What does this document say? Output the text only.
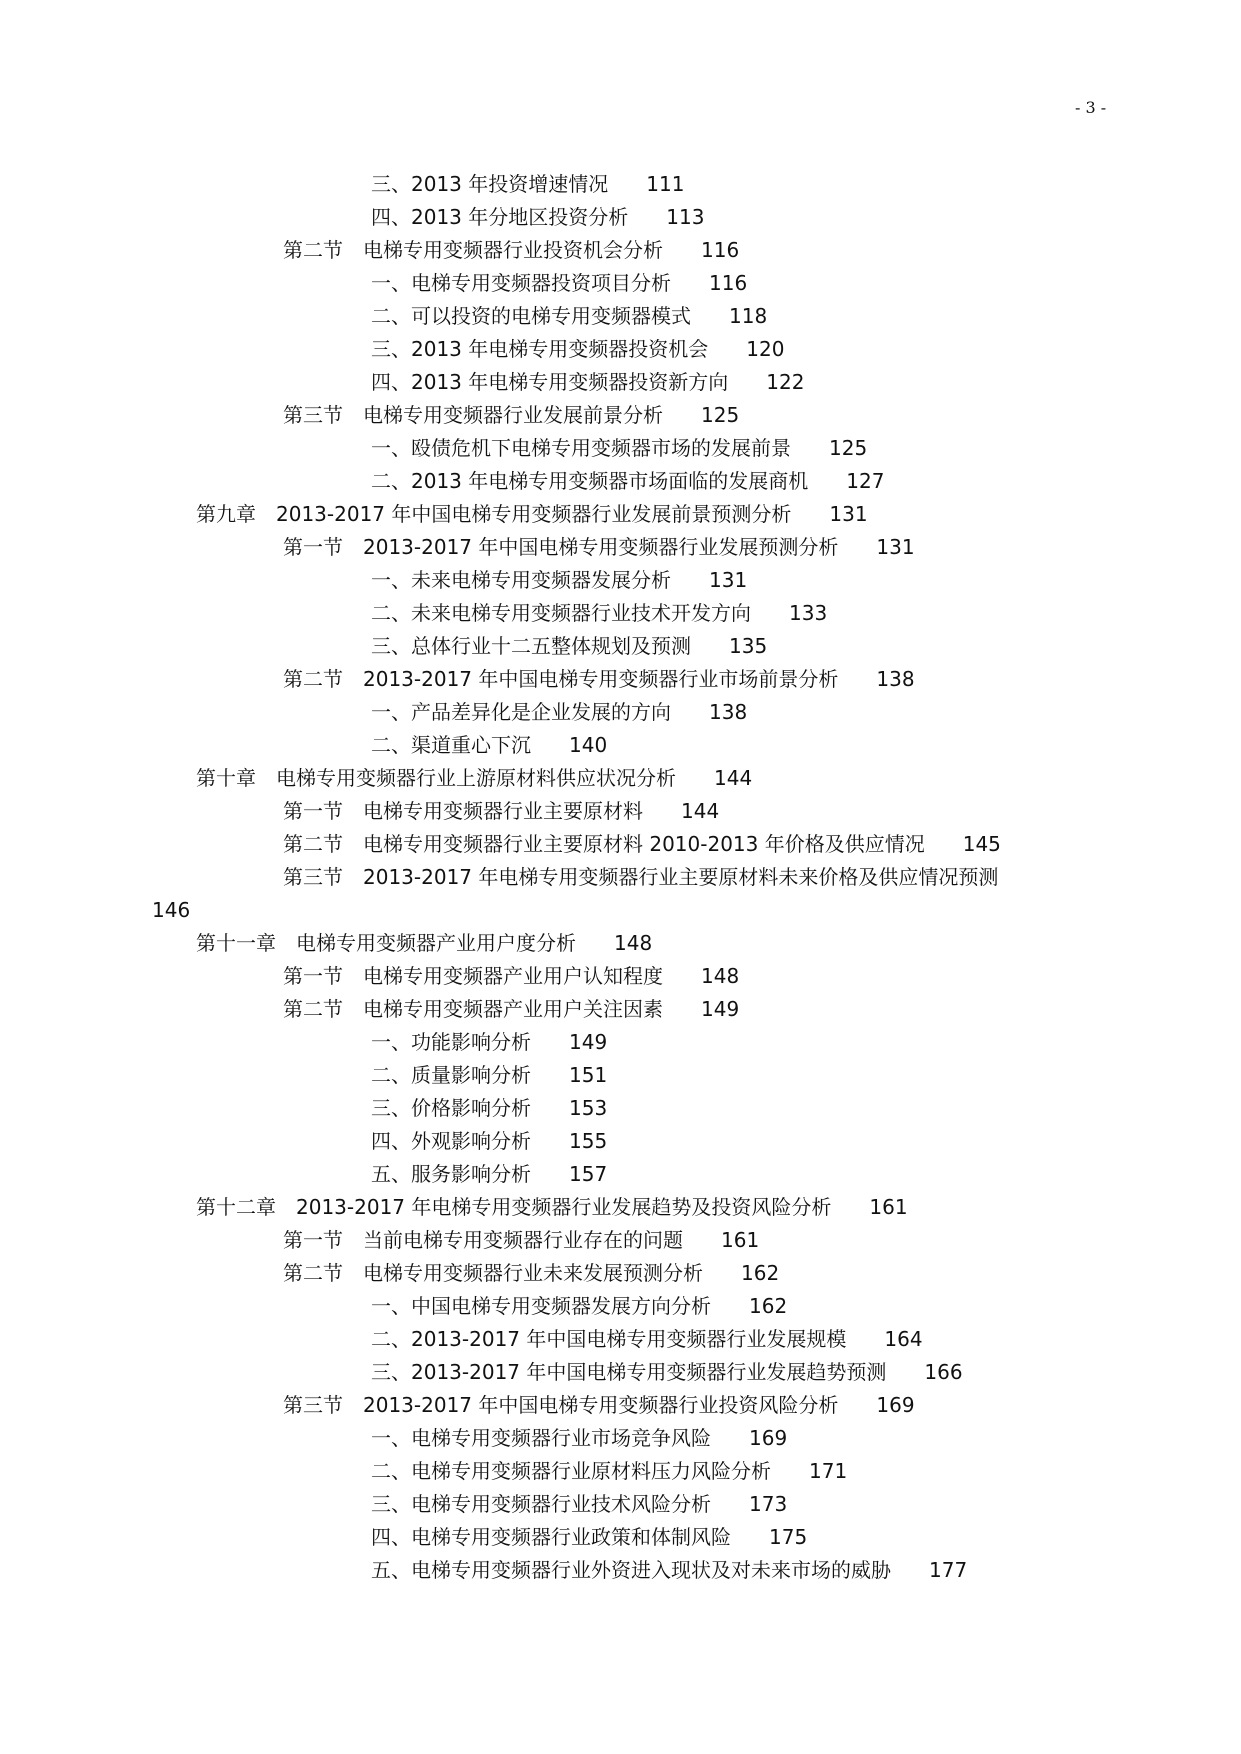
- 3 -
三、2013 年投资增速情况 111
四、2013 年分地区投资分析 113
第二节　电梯专用变频器行业投资机会分析 116
一、电梯专用变频器投资项目分析 116
二、可以投资的电梯专用变频器模式 118
三、2013 年电梯专用变频器投资机会 120
四、2013 年电梯专用变频器投资新方向 122
第三节　电梯专用变频器行业发展前景分析 125
一、殴债危机下电梯专用变频器市场的发展前景 125
二、2013 年电梯专用变频器市场面临的发展商机 127
第九章　2013-2017 年中国电梯专用变频器行业发展前景预测分析 131
第一节　2013-2017 年中国电梯专用变频器行业发展预测分析 131
一、未来电梯专用变频器发展分析 131
二、未来电梯专用变频器行业技术开发方向 133
三、总体行业十二五整体规划及预测 135
第二节　2013-2017 年中国电梯专用变频器行业市场前景分析 138
一、产品差异化是企业发展的方向 138
二、渠道重心下沉 140
第十章　电梯专用变频器行业上游原材料供应状况分析 144
第一节　电梯专用变频器行业主要原材料 144
第二节　电梯专用变频器行业主要原材料 2010-2013 年价格及供应情况 145
第三节　2013-2017 年电梯专用变频器行业主要原材料未来价格及供应情况预测
146
第十一章　电梯专用变频器产业用户度分析 148
第一节　电梯专用变频器产业用户认知程度 148
第二节　电梯专用变频器产业用户关注因素 149
一、功能影响分析 149
二、质量影响分析 151
三、价格影响分析 153
四、外观影响分析 155
五、服务影响分析 157
第十二章　2013-2017 年电梯专用变频器行业发展趋势及投资风险分析 161
第一节　当前电梯专用变频器行业存在的问题 161
第二节　电梯专用变频器行业未来发展预测分析 162
一、中国电梯专用变频器发展方向分析 162
二、2013-2017 年中国电梯专用变频器行业发展规模 164
三、2013-2017 年中国电梯专用变频器行业发展趋势预测 166
第三节　2013-2017 年中国电梯专用变频器行业投资风险分析 169
一、电梯专用变频器行业市场竞争风险 169
二、电梯专用变频器行业原材料压力风险分析 171
三、电梯专用变频器行业技术风险分析 173
四、电梯专用变频器行业政策和体制风险 175
五、电梯专用变频器行业外资进入现状及对未来市场的威胁 177
